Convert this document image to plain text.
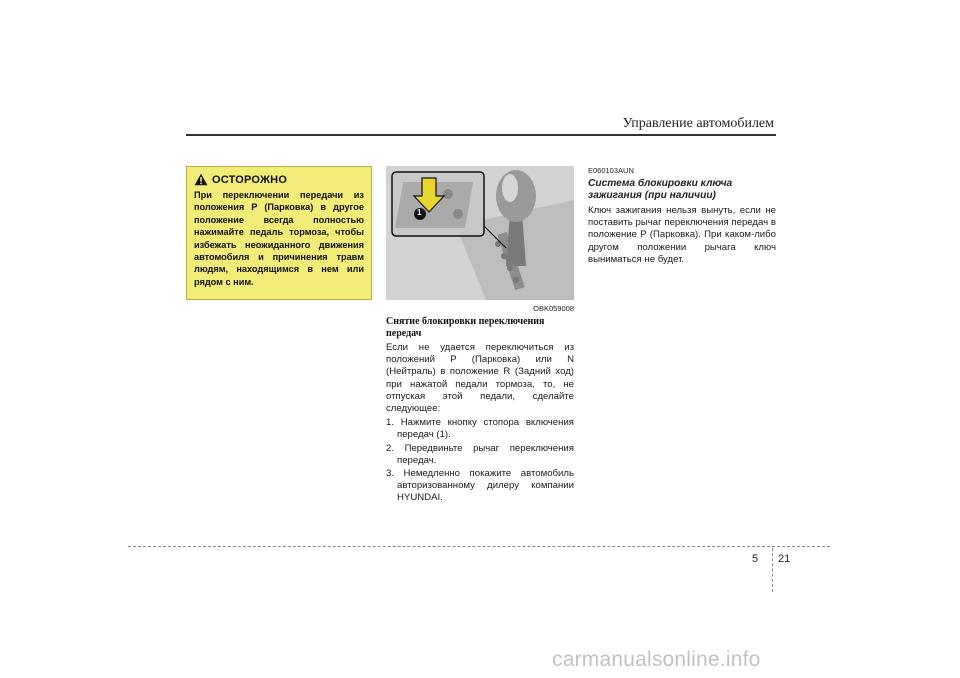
Управление автомобилем
ОСТОРОЖНО
При переключении передачи из положения P (Парковка) в другое положение всегда полностью нажимайте педаль тормоза, чтобы избежать неожиданного движения автомобиля и причинения травм людям, находящимся в нем или рядом с ним.
1
OBK059008
Снятие блокировки переключения передач
Если не удается переключиться из положений P (Парковка) или N (Нейтраль) в положение R (Задний ход) при нажатой педали тормоза, то, не отпуская этой педали, сделайте следующее:
1. Нажмите кнопку стопора включения передач (1).
2. Передвиньте рычаг переключения передач.
3. Немедленно покажите автомобиль авторизованному дилеру компании HYUNDAI.
E060103AUN
Система блокировки ключа зажигания (при наличии)
Ключ зажигания нельзя вынуть, если не поставить рычаг переключения передач в положение P (Парковка). При каком-либо другом положении рычага ключ выниматься не будет.
5 21
carmanualsonline.info
